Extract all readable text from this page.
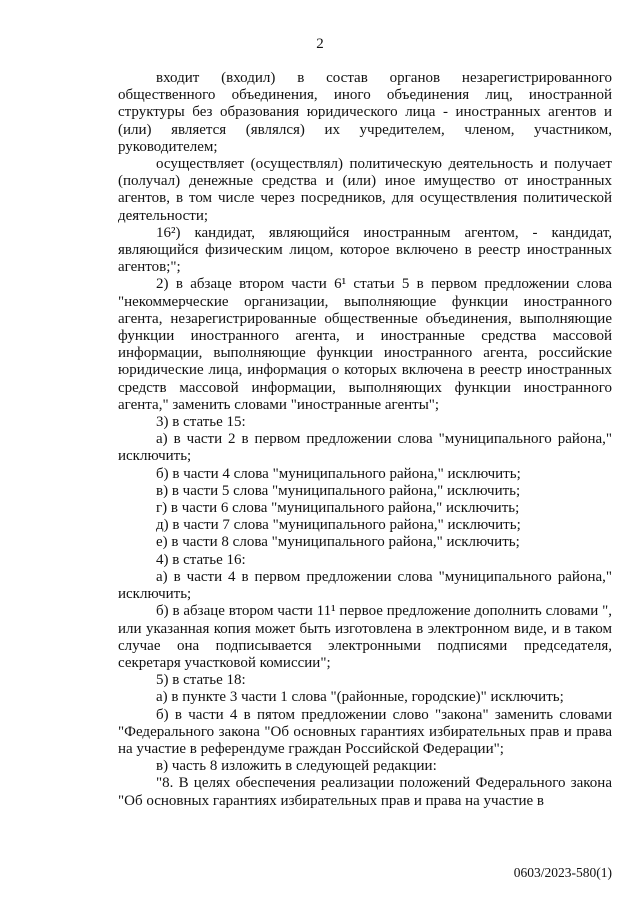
2

входит (входил) в состав органов незарегистрированного общественного объединения, иного объединения лиц, иностранной структуры без образования юридического лица - иностранных агентов и (или) является (являлся) их учредителем, членом, участником, руководителем;

осуществляет (осуществлял) политическую деятельность и получает (получал) денежные средства и (или) иное имущество от иностранных агентов, в том числе через посредников, для осуществления политической деятельности;

16²) кандидат, являющийся иностранным агентом, - кандидат, являющийся физическим лицом, которое включено в реестр иностранных агентов;";

2) в абзаце втором части 6¹ статьи 5 в первом предложении слова "некоммерческие организации, выполняющие функции иностранного агента, незарегистрированные общественные объединения, выполняющие функции иностранного агента, и иностранные средства массовой информации, выполняющие функции иностранного агента, российские юридические лица, информация о которых включена в реестр иностранных средств массовой информации, выполняющих функции иностранного агента," заменить словами "иностранные агенты";

3) в статье 15:

а) в части 2 в первом предложении слова "муниципального района," исключить;

б) в части 4 слова "муниципального района," исключить;

в) в части 5 слова "муниципального района," исключить;

г) в части 6 слова "муниципального района," исключить;

д) в части 7 слова "муниципального района," исключить;

е) в части 8 слова "муниципального района," исключить;

4) в статье 16:

а) в части 4 в первом предложении слова "муниципального района," исключить;

б) в абзаце втором части 11¹ первое предложение дополнить словами ", или указанная копия может быть изготовлена в электронном виде, и в таком случае она подписывается электронными подписями председателя, секретаря участковой комиссии";

5) в статье 18:

а) в пункте 3 части 1 слова "(районные, городские)" исключить;

б) в части 4 в пятом предложении слово "закона" заменить словами "Федерального закона "Об основных гарантиях избирательных прав и права на участие в референдуме граждан Российской Федерации";

в) часть 8 изложить в следующей редакции:

"8. В целях обеспечения реализации положений Федерального закона "Об основных гарантиях избирательных прав и права на участие в

0603/2023-580(1)
